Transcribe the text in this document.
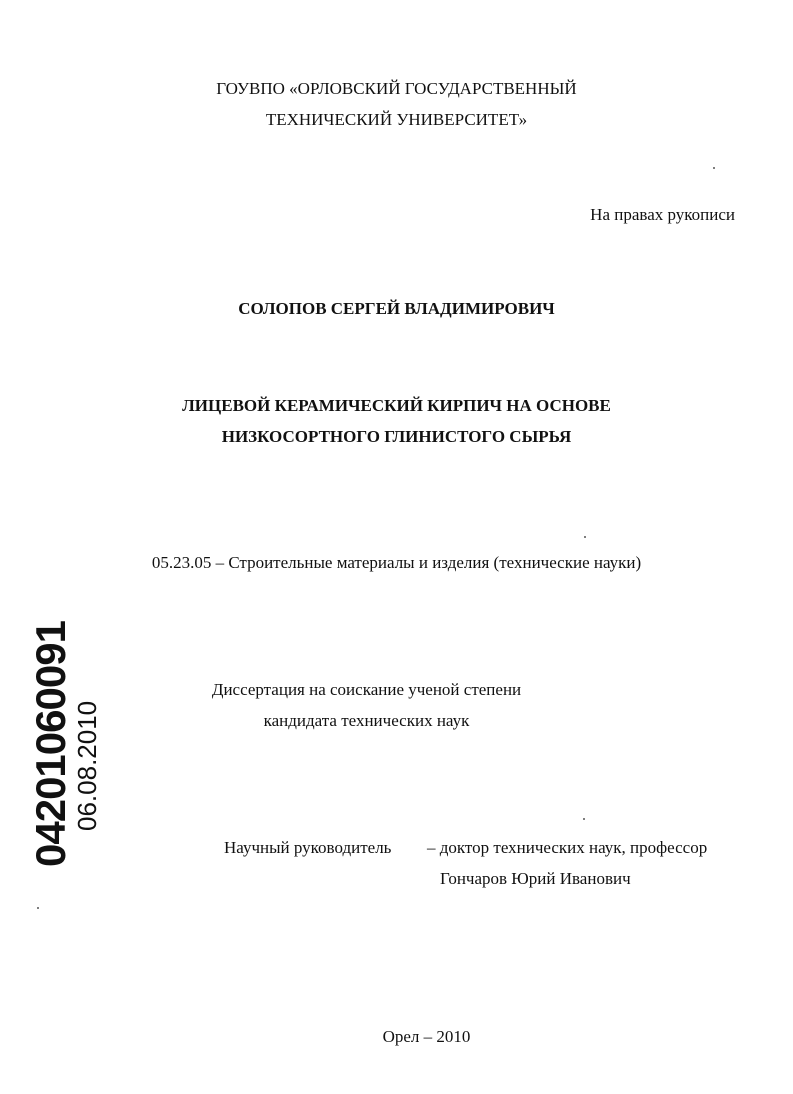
ГОУВПО «ОРЛОВСКИЙ ГОСУДАРСТВЕННЫЙ
ТЕХНИЧЕСКИЙ УНИВЕРСИТЕТ»
На правах рукописи
СОЛОПОВ СЕРГЕЙ ВЛАДИМИРОВИЧ
ЛИЦЕВОЙ КЕРАМИЧЕСКИЙ КИРПИЧ НА ОСНОВЕ
НИЗКОСОРТНОГО ГЛИНИСТОГО СЫРЬЯ
05.23.05 – Строительные материалы и изделия (технические науки)
Диссертация на соискание ученой степени
кандидата технических наук
Научный руководитель – доктор технических наук, профессор
Гончаров Юрий Иванович
Орел – 2010
04201060091
06.08.2010
